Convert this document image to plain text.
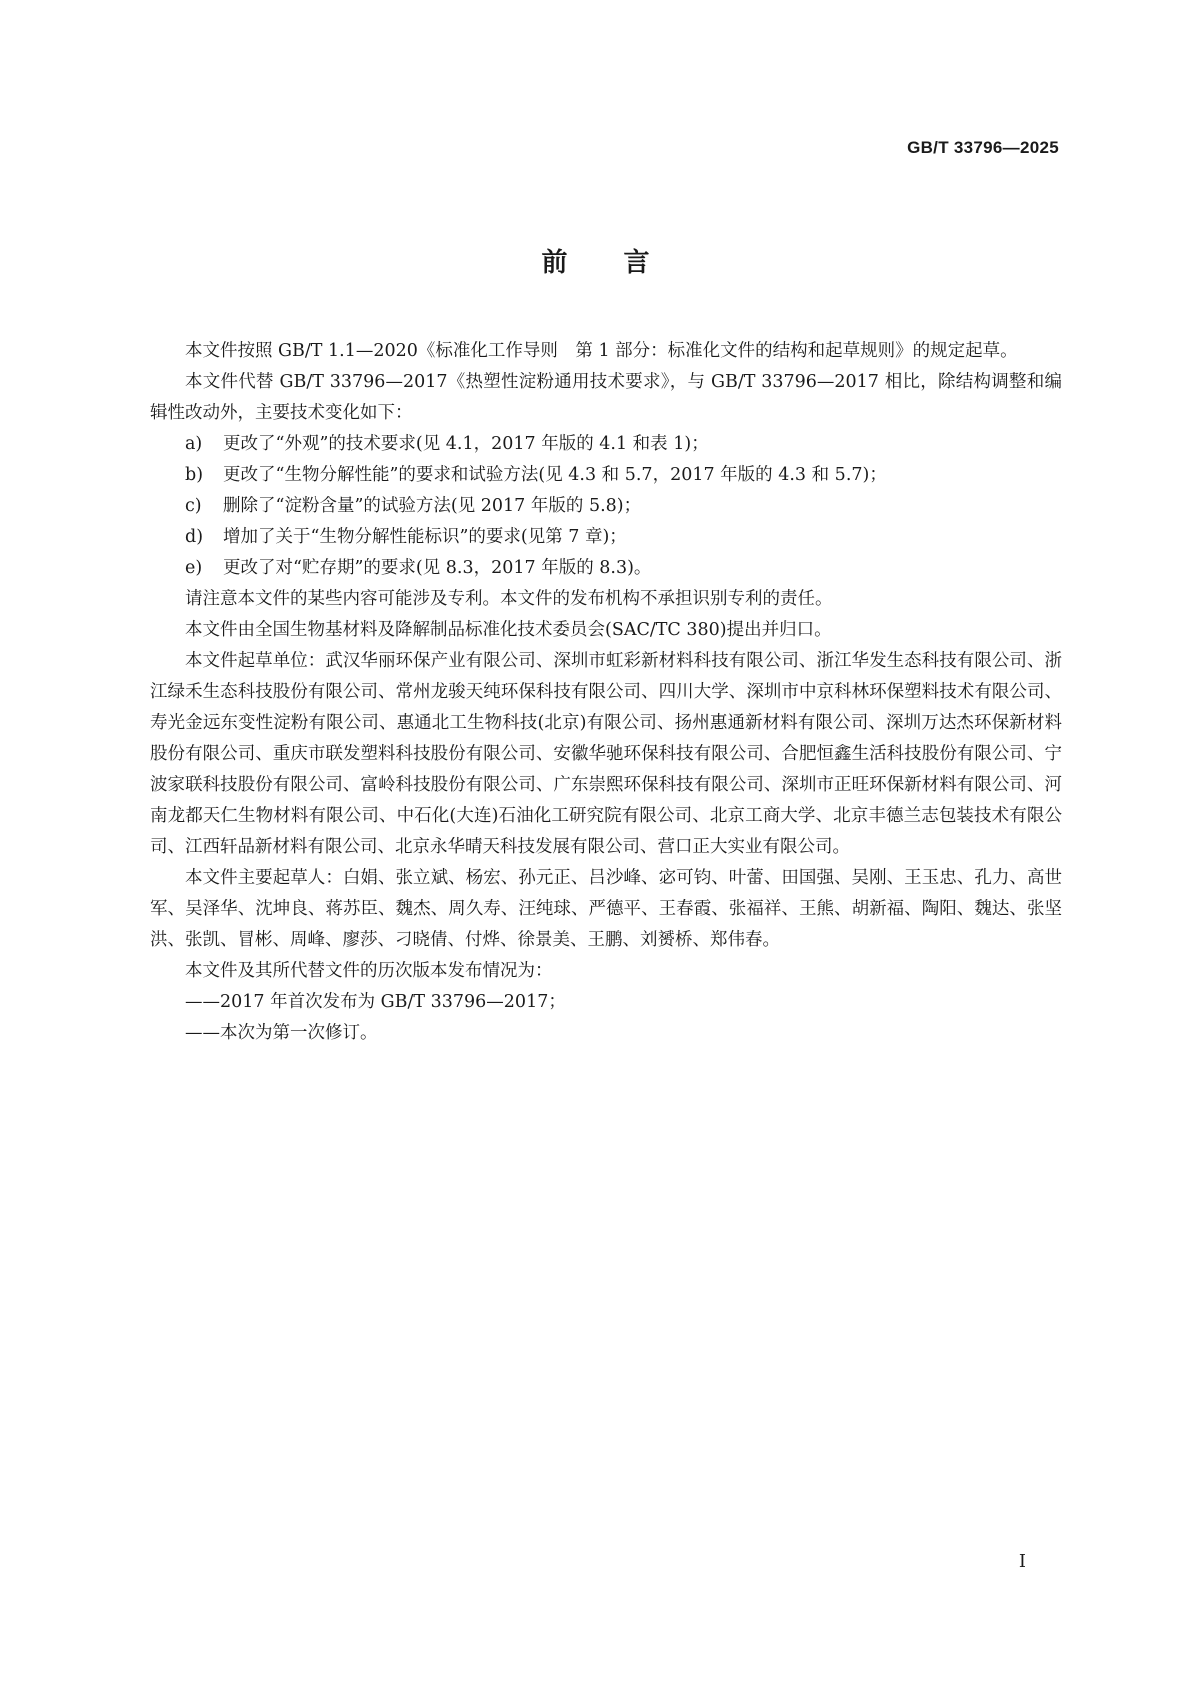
GB/T 33796—2025
前言

本文件按照 GB/T 1.1—2020《标准化工作导则　第 1 部分：标准化文件的结构和起草规则》的规定起草。

本文件代替 GB/T 33796—2017《热塑性淀粉通用技术要求》，与 GB/T 33796—2017 相比，除结构调整和编辑性改动外，主要技术变化如下：

a) 更改了“外观”的技术要求(见 4.1，2017 年版的 4.1 和表 1)；

b) 更改了“生物分解性能”的要求和试验方法(见 4.3 和 5.7，2017 年版的 4.3 和 5.7)；

c) 删除了“淀粉含量”的试验方法(见 2017 年版的 5.8)；

d) 增加了关于“生物分解性能标识”的要求(见第 7 章)；

e) 更改了对“贮存期”的要求(见 8.3，2017 年版的 8.3)。

请注意本文件的某些内容可能涉及专利。本文件的发布机构不承担识别专利的责任。

本文件由全国生物基材料及降解制品标准化技术委员会(SAC/TC 380)提出并归口。

本文件起草单位：武汉华丽环保产业有限公司、深圳市虹彩新材料科技有限公司、浙江华发生态科技有限公司、浙江绿禾生态科技股份有限公司、常州龙骏天纯环保科技有限公司、四川大学、深圳市中京科林环保塑料技术有限公司、寿光金远东变性淀粉有限公司、惠通北工生物科技(北京)有限公司、扬州惠通新材料有限公司、深圳万达杰环保新材料股份有限公司、重庆市联发塑料科技股份有限公司、安徽华驰环保科技有限公司、合肥恒鑫生活科技股份有限公司、宁波家联科技股份有限公司、富岭科技股份有限公司、广东崇熙环保科技有限公司、深圳市正旺环保新材料有限公司、河南龙都天仁生物材料有限公司、中石化(大连)石油化工研究院有限公司、北京工商大学、北京丰德兰志包装技术有限公司、江西轩品新材料有限公司、北京永华晴天科技发展有限公司、营口正大实业有限公司。

本文件主要起草人：白娟、张立斌、杨宏、孙元正、吕沙峰、宓可钧、叶蕾、田国强、吴刚、王玉忠、孔力、高世军、吴泽华、沈坤良、蒋苏臣、魏杰、周久寿、汪纯球、严德平、王春霞、张福祥、王熊、胡新福、陶阳、魏达、张坚洪、张凯、冒彬、周峰、廖莎、刁晓倩、付烨、徐景美、王鹏、刘赟桥、郑伟春。

本文件及其所代替文件的历次版本发布情况为：

——2017 年首次发布为 GB/T 33796—2017；

——本次为第一次修订。

I
